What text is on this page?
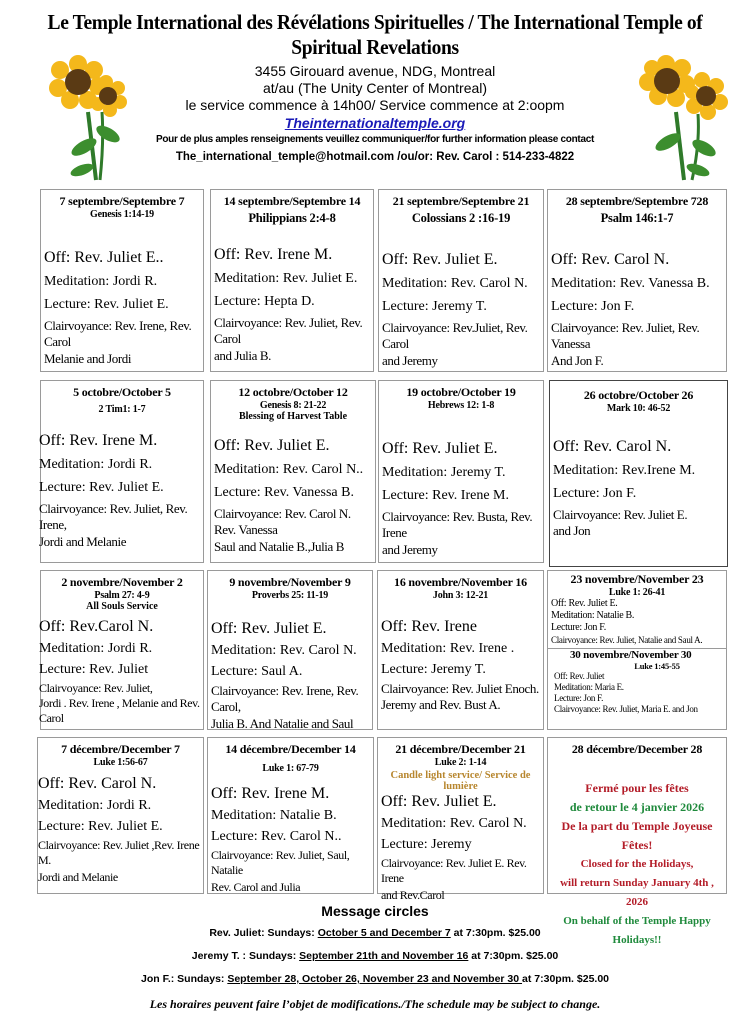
Le Temple International des Révélations Spirituelles / The International Temple of Spiritual Revelations
3455 Girouard avenue, NDG, Montreal
at/au (The Unity Center of Montreal)
le service commence à 14h00/ Service commence at 2:oopm
Theinternationaltemple.org
Pour de plus amples renseignements veuillez communiquer/for further information please contact
The_international_temple@hotmail.com /ou/or: Rev. Carol : 514-233-4822
7 septembre/Septembre 7
Genesis 1:14-19
Off: Rev. Juliet E..
Meditation: Jordi R.
Lecture: Rev. Juliet E.
Clairvoyance: Rev. Irene, Rev. Carol
Melanie and Jordi
14 septembre/Septembre 14
Philippians 2:4-8
Off: Rev. Irene M.
Meditation: Rev. Juliet E.
Lecture: Hepta D.
Clairvoyance: Rev. Juliet, Rev. Carol
and Julia B.
21 septembre/Septembre 21
Colossians 2 :16-19
Off: Rev. Juliet E.
Meditation: Rev. Carol N.
Lecture: Jeremy T.
Clairvoyance: Rev.Juliet, Rev. Carol
and Jeremy
28 septembre/Septembre 728
Psalm 146:1-7
Off: Rev. Carol N.
Meditation: Rev. Vanessa B.
Lecture: Jon F.
Clairvoyance: Rev. Juliet, Rev. Vanessa
And Jon F.
5 octobre/October 5
2 Tim1: 1-7
Off: Rev. Irene M.
Meditation: Jordi R.
Lecture: Rev. Juliet E.
Clairvoyance: Rev. Juliet, Rev. Irene,
Jordi and Melanie
12 octobre/October 12
Genesis 8: 21-22
Blessing of Harvest Table
Off: Rev. Juliet E.
Meditation: Rev. Carol N..
Lecture: Rev. Vanessa B.
Clairvoyance: Rev. Carol N. Rev. Vanessa
Saul and Natalie B.,Julia B
19 octobre/October 19
Hebrews 12: 1-8
Off: Rev. Juliet E.
Meditation: Jeremy T.
Lecture: Rev. Irene M.
Clairvoyance: Rev. Busta, Rev. Irene
and Jeremy
26 octobre/October 26
Mark 10: 46-52
Off: Rev. Carol N.
Meditation: Rev.Irene M.
Lecture: Jon F.
Clairvoyance: Rev. Juliet E.
and Jon
2 novembre/November 2
Psalm 27: 4-9
All Souls Service
Off: Rev.Carol N.
Meditation: Jordi R.
Lecture: Rev. Juliet
Clairvoyance: Rev. Juliet,
Jordi . Rev. Irene , Melanie and Rev. Carol
9 novembre/November 9
Proverbs 25: 11-19
Off: Rev. Juliet E.
Meditation: Rev. Carol N.
Lecture: Saul A.
Clairvoyance: Rev. Irene, Rev. Carol,
Julia B. And Natalie and Saul
16 novembre/November 16
John 3: 12-21
Off: Rev. Irene
Meditation: Rev. Irene .
Lecture: Jeremy T.
Clairvoyance: Rev. Juliet Enoch.
Jeremy and Rev. Bust A.
23 novembre/November 23
Luke 1: 26-41
Off: Rev. Juliet E.
Meditation: Natalie B.
Lecture: Jon F.
Clairvoyance: Rev. Juliet, Natalie and Saul A.
30 novembre/November 30
Luke 1:45-55
Off: Rev. Juliet
Meditation: Maria E.
Lecture: Jon F.
Clairvoyance: Rev. Juliet, Maria E. and Jon
7 décembre/December 7
Luke 1:56-67
Off: Rev. Carol N.
Meditation: Jordi R.
Lecture: Rev. Juliet E.
Clairvoyance: Rev. Juliet ,Rev. Irene M.
Jordi and Melanie
14 décembre/December 14
Luke 1: 67-79
Off: Rev. Irene M.
Meditation: Natalie B.
Lecture: Rev. Carol N..
Clairvoyance: Rev. Juliet, Saul, Natalie
Rev. Carol and Julia
21 décembre/December 21
Luke 2: 1-14
Candle light service/ Service de lumière
Off: Rev. Juliet E.
Meditation: Rev. Carol N.
Lecture: Jeremy
Clairvoyance: Rev. Juliet E. Rev. Irene
and Rev.Carol
28 décembre/December 28
Fermé pour les fêtes
de retour le 4 janvier 2026
De la part du Temple Joyeuse Fêtes!
Closed for the Holidays,
will return Sunday January 4th , 2026
On behalf of the Temple Happy Holidays!!
Message circles
Rev. Juliet: Sundays: October 5 and December 7 at 7:30pm. $25.00
Jeremy T. : Sundays: September 21th and November 16 at 7:30pm. $25.00
Jon F.: Sundays: September 28, October 26, November 23 and November 30 at 7:30pm. $25.00
Les horaires peuvent faire l’objet de modifications./The schedule may be subject to change.
